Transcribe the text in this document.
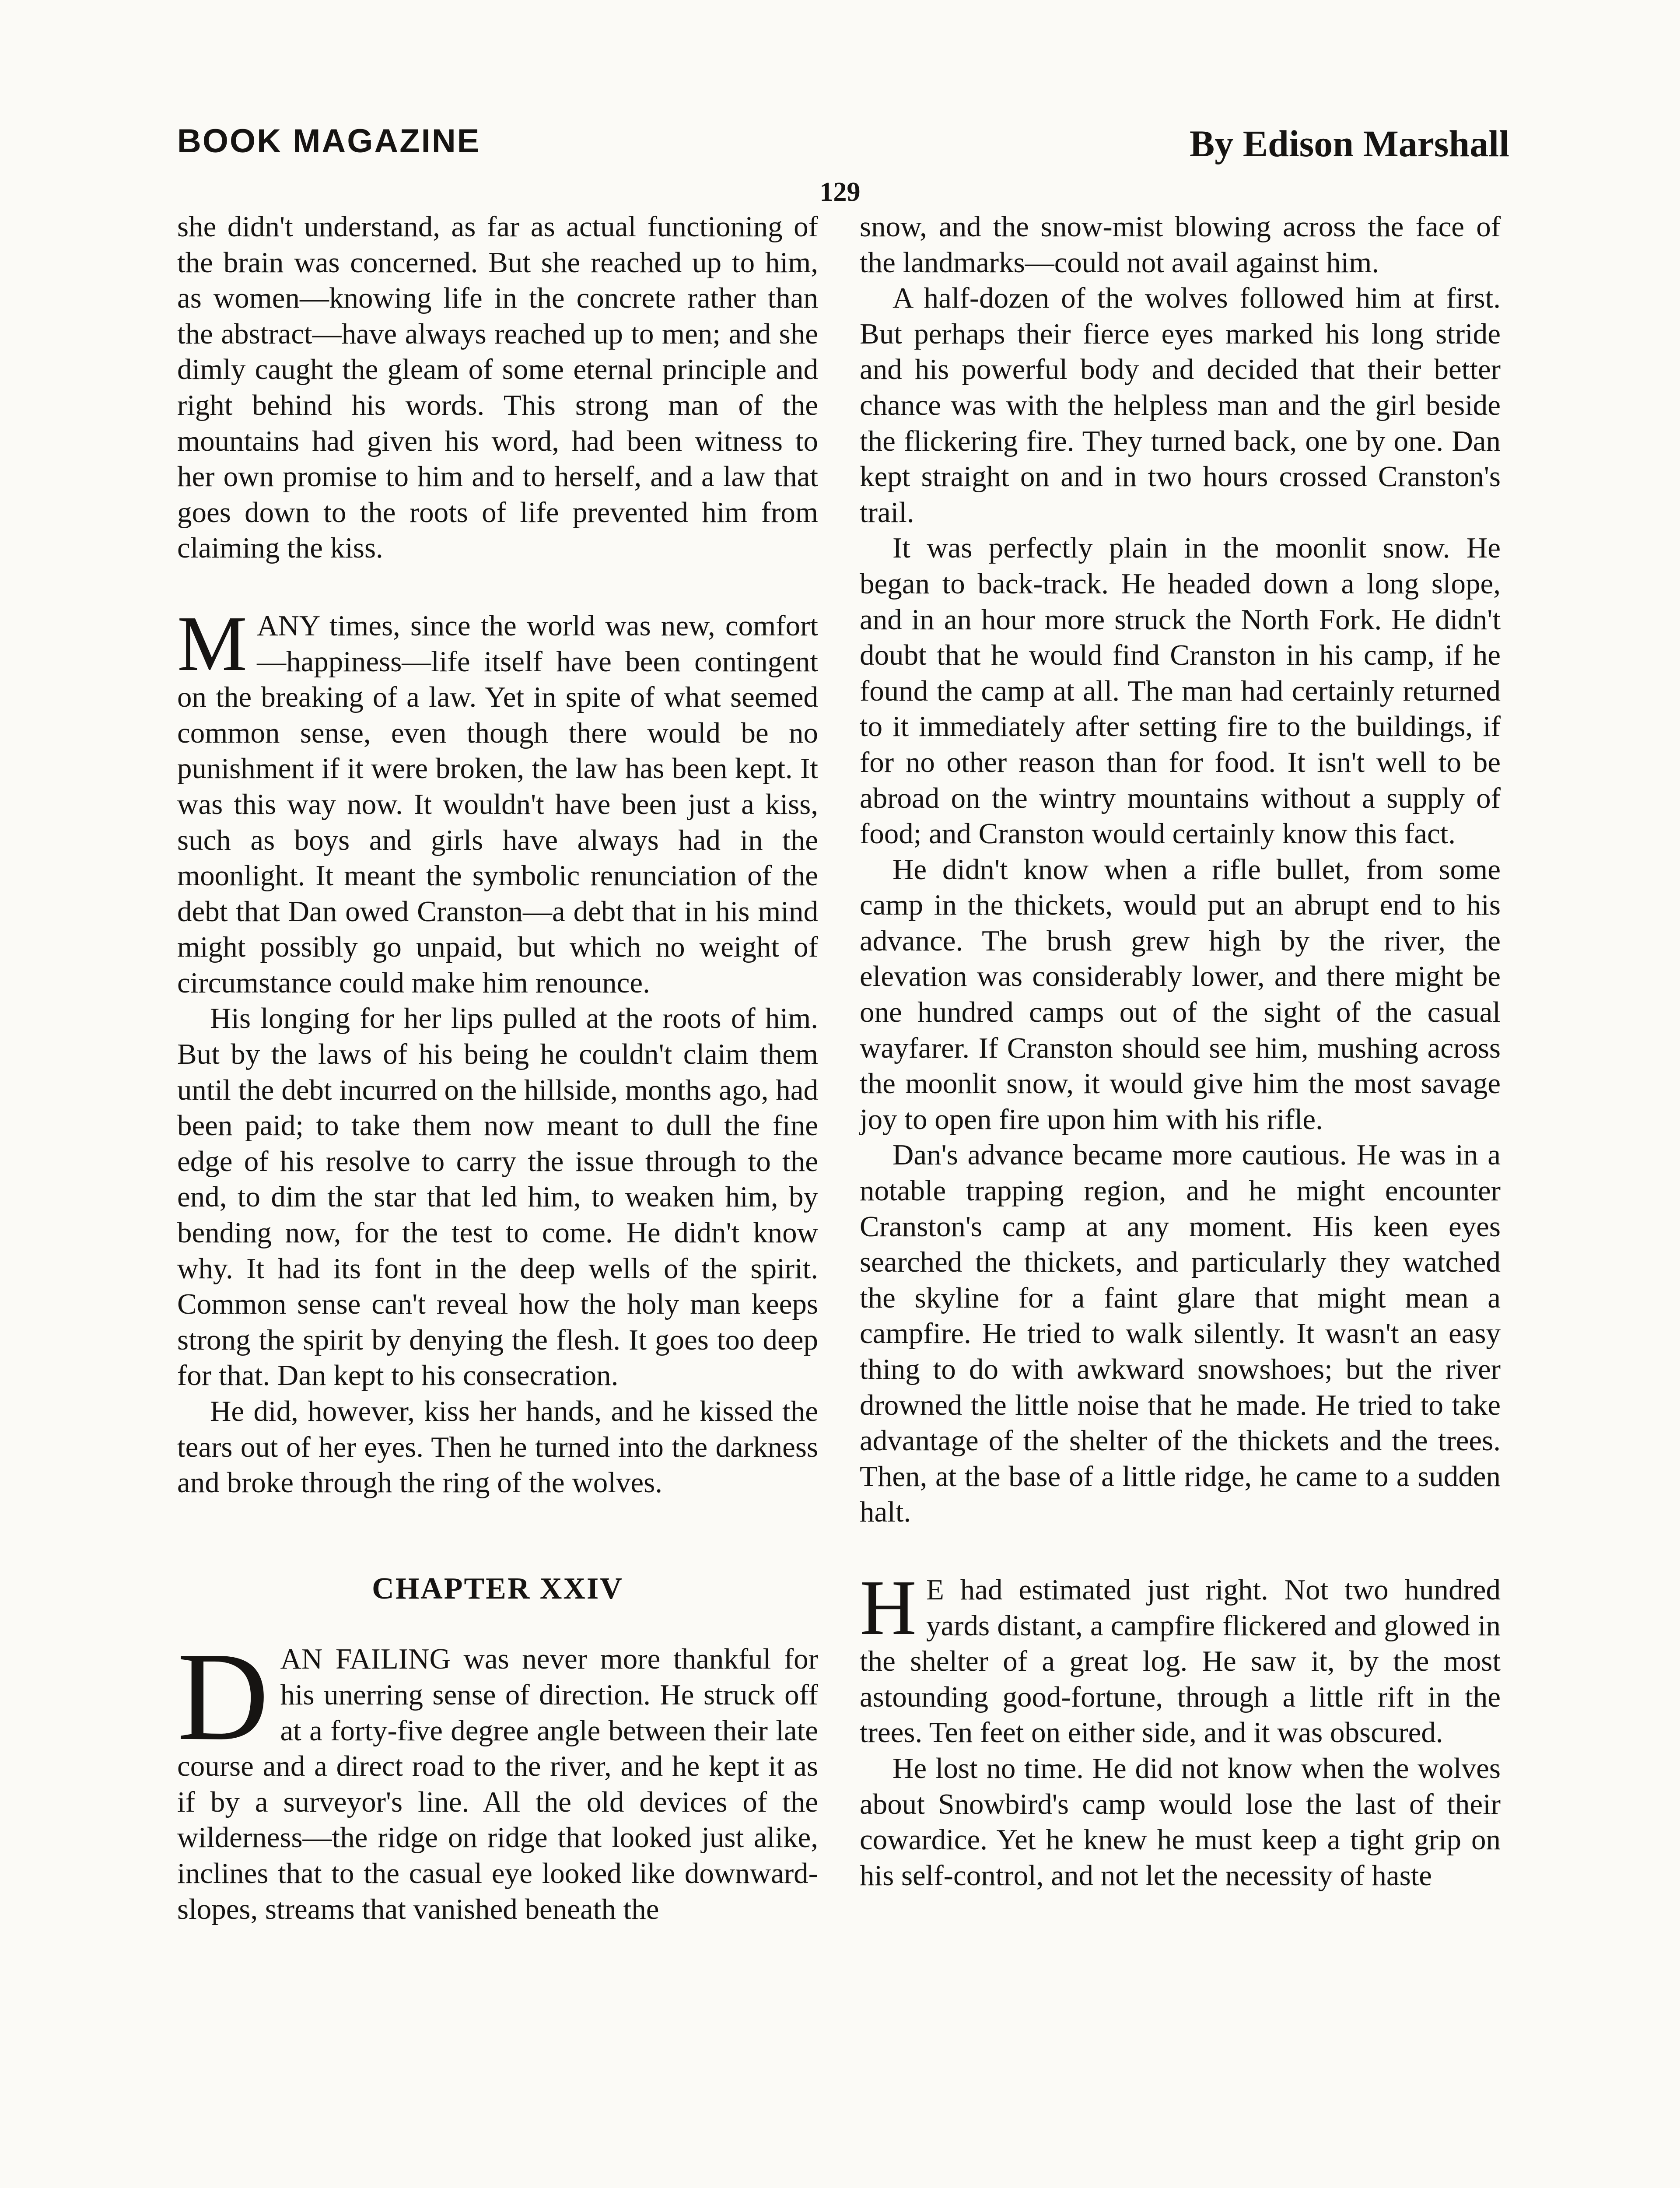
BOOK MAGAZINE	By Edison Marshall
129

she didn't understand, as far as actual functioning of the brain was concerned. But she reached up to him, as women—knowing life in the concrete rather than the abstract—have always reached up to men; and she dimly caught the gleam of some eternal principle and right behind his words. This strong man of the mountains had given his word, had been witness to her own promise to him and to herself, and a law that goes down to the roots of life prevented him from claiming the kiss.

MANY times, since the world was new, comfort—happiness—life itself have been contingent on the breaking of a law. Yet in spite of what seemed common sense, even though there would be no punishment if it were broken, the law has been kept. It was this way now. It wouldn't have been just a kiss, such as boys and girls have always had in the moonlight. It meant the symbolic renunciation of the debt that Dan owed Cranston—a debt that in his mind might possibly go unpaid, but which no weight of circumstance could make him renounce.

His longing for her lips pulled at the roots of him. But by the laws of his being he couldn't claim them until the debt incurred on the hillside, months ago, had been paid; to take them now meant to dull the fine edge of his resolve to carry the issue through to the end, to dim the star that led him, to weaken him, by bending now, for the test to come. He didn't know why. It had its font in the deep wells of the spirit. Common sense can't reveal how the holy man keeps strong the spirit by denying the flesh. It goes too deep for that. Dan kept to his consecration.

He did, however, kiss her hands, and he kissed the tears out of her eyes. Then he turned into the darkness and broke through the ring of the wolves.

CHAPTER XXIV

DAN FAILING was never more thankful for his unerring sense of direction. He struck off at a forty-five degree angle between their late course and a direct road to the river, and he kept it as if by a surveyor's line. All the old devices of the wilderness—the ridge on ridge that looked just alike, inclines that to the casual eye looked like downward-slopes, streams that vanished beneath the

snow, and the snow-mist blowing across the face of the landmarks—could not avail against him.

A half-dozen of the wolves followed him at first. But perhaps their fierce eyes marked his long stride and his powerful body and decided that their better chance was with the helpless man and the girl beside the flickering fire. They turned back, one by one. Dan kept straight on and in two hours crossed Cranston's trail.

It was perfectly plain in the moonlit snow. He began to back-track. He headed down a long slope, and in an hour more struck the North Fork. He didn't doubt that he would find Cranston in his camp, if he found the camp at all. The man had certainly returned to it immediately after setting fire to the buildings, if for no other reason than for food. It isn't well to be abroad on the wintry mountains without a supply of food; and Cranston would certainly know this fact.

He didn't know when a rifle bullet, from some camp in the thickets, would put an abrupt end to his advance. The brush grew high by the river, the elevation was considerably lower, and there might be one hundred camps out of the sight of the casual wayfarer. If Cranston should see him, mushing across the moonlit snow, it would give him the most savage joy to open fire upon him with his rifle.

Dan's advance became more cautious. He was in a notable trapping region, and he might encounter Cranston's camp at any moment. His keen eyes searched the thickets, and particularly they watched the skyline for a faint glare that might mean a campfire. He tried to walk silently. It wasn't an easy thing to do with awkward snowshoes; but the river drowned the little noise that he made. He tried to take advantage of the shelter of the thickets and the trees. Then, at the base of a little ridge, he came to a sudden halt.

H E had estimated just right. Not two hundred yards distant, a campfire flickered and glowed in the shelter of a great log. He saw it, by the most astounding good-fortune, through a little rift in the trees. Ten feet on either side, and it was obscured.

He lost no time. He did not know when the wolves about Snowbird's camp would lose the last of their cowardice. Yet he knew he must keep a tight grip on his self-control, and not let the necessity of haste
